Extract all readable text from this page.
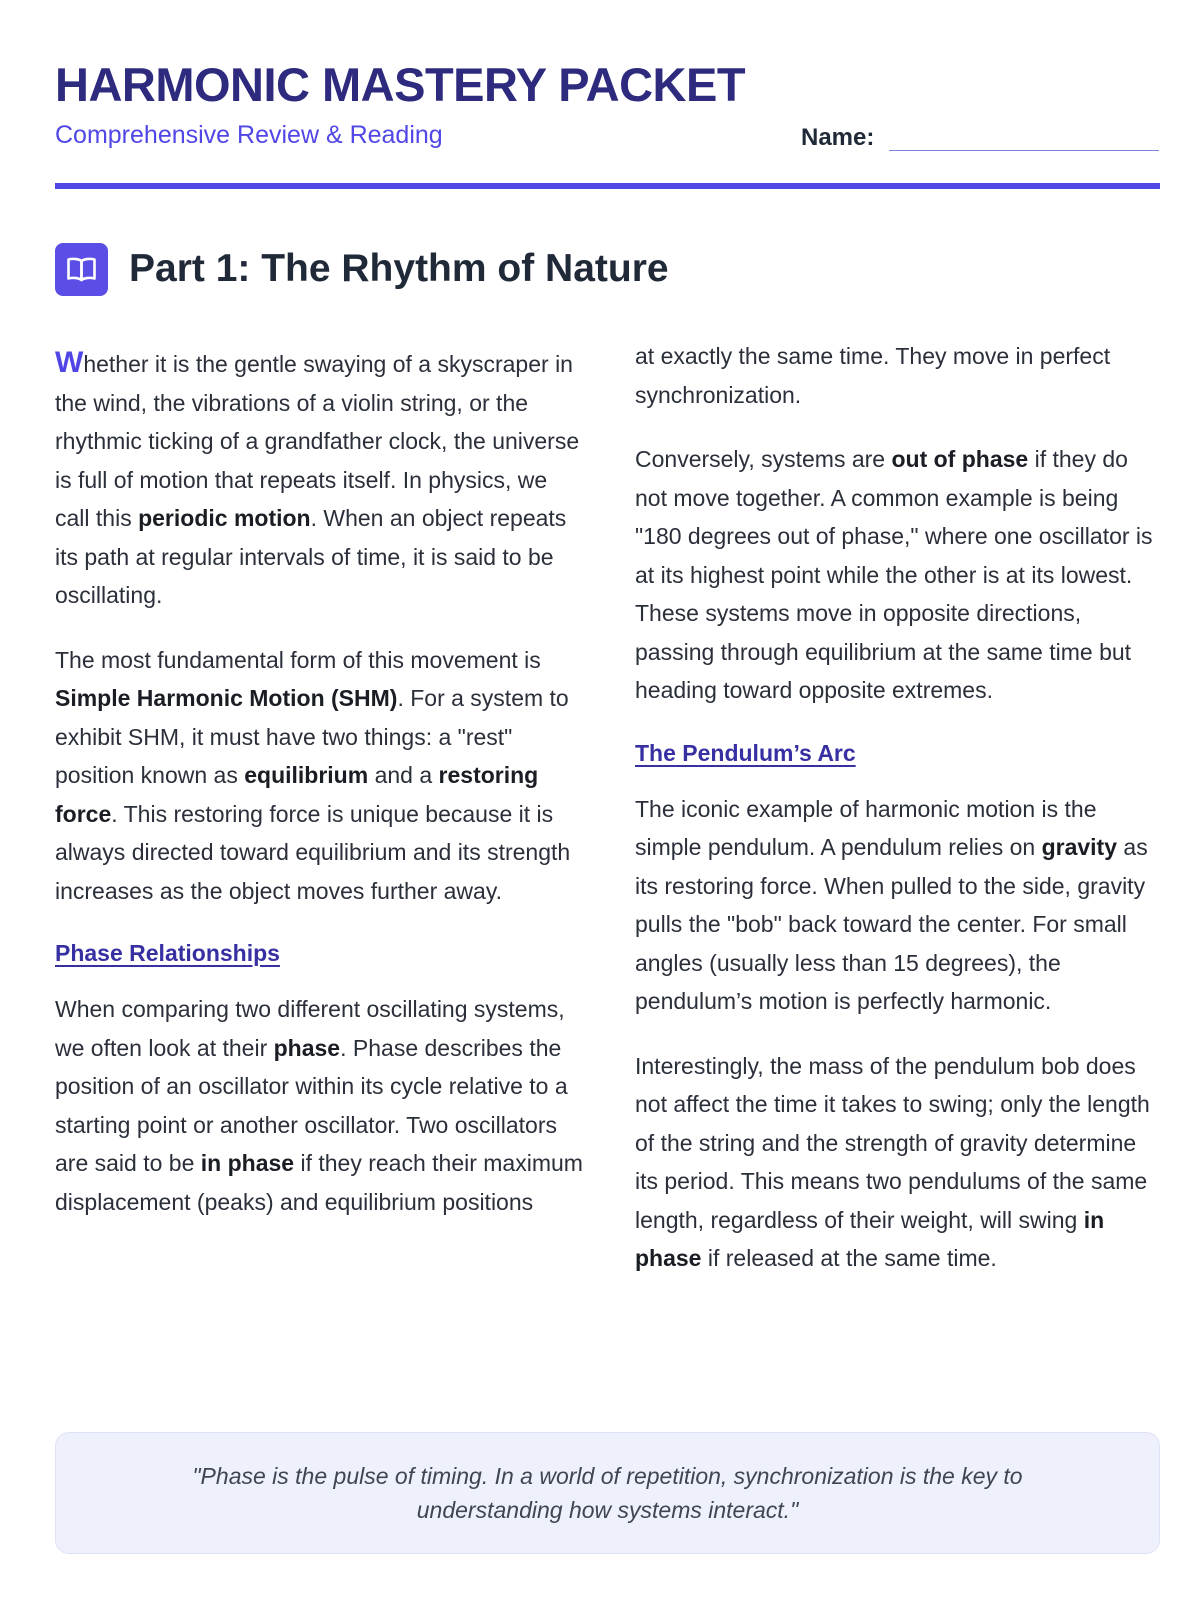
HARMONIC MASTERY PACKET
Comprehensive Review & Reading	Name:
Part 1: The Rhythm of Nature

Whether it is the gentle swaying of a skyscraper in the wind, the vibrations of a violin string, or the rhythmic ticking of a grandfather clock, the universe is full of motion that repeats itself. In physics, we call this periodic motion. When an object repeats its path at regular intervals of time, it is said to be oscillating.

The most fundamental form of this movement is Simple Harmonic Motion (SHM). For a system to exhibit SHM, it must have two things: a "rest" position known as equilibrium and a restoring force. This restoring force is unique because it is always directed toward equilibrium and its strength increases as the object moves further away.

Phase Relationships

When comparing two different oscillating systems, we often look at their phase. Phase describes the position of an oscillator within its cycle relative to a starting point or another oscillator. Two oscillators are said to be in phase if they reach their maximum displacement (peaks) and equilibrium positions

at exactly the same time. They move in perfect synchronization.

Conversely, systems are out of phase if they do not move together. A common example is being "180 degrees out of phase," where one oscillator is at its highest point while the other is at its lowest. These systems move in opposite directions, passing through equilibrium at the same time but heading toward opposite extremes.

The Pendulum’s Arc

The iconic example of harmonic motion is the simple pendulum. A pendulum relies on gravity as its restoring force. When pulled to the side, gravity pulls the "bob" back toward the center. For small angles (usually less than 15 degrees), the pendulum’s motion is perfectly harmonic.

Interestingly, the mass of the pendulum bob does not affect the time it takes to swing; only the length of the string and the strength of gravity determine its period. This means two pendulums of the same length, regardless of their weight, will swing in phase if released at the same time.

"Phase is the pulse of timing. In a world of repetition, synchronization is the key to understanding how systems interact."
